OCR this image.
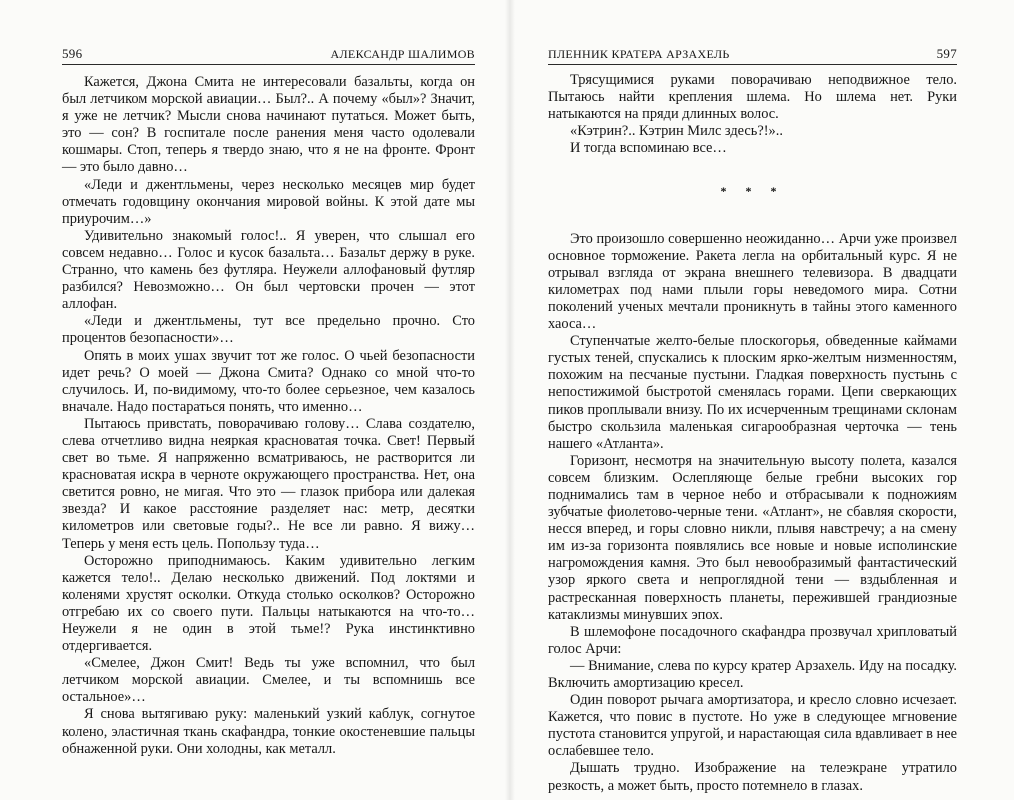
596	АЛЕКСАНДР ШАЛИМОВ

Кажется, Джона Смита не интересовали базальты, когда он был летчиком морской авиации… Был?.. А почему «был»? Значит, я уже не летчик? Мысли снова начинают путаться. Может быть, это — сон? В госпитале после ранения меня часто одолевали кошмары. Стоп, теперь я твердо знаю, что я не на фронте. Фронт — это было давно…

«Леди и джентльмены, через несколько месяцев мир будет отмечать годовщину окончания мировой войны. К этой дате мы приурочим…»

Удивительно знакомый голос!.. Я уверен, что слышал его совсем недавно… Голос и кусок базальта… Базальт держу в руке. Странно, что камень без футляра. Неужели аллофановый футляр разбился? Невозможно… Он был чертовски прочен — этот аллофан.

«Леди и джентльмены, тут все предельно прочно. Сто процентов безопасности»…

Опять в моих ушах звучит тот же голос. О чьей безопасности идет речь? О моей — Джона Смита? Однако со мной что-то случилось. И, по-видимому, что-то более серьезное, чем казалось вначале. Надо постараться понять, что именно…

Пытаюсь привстать, поворачиваю голову… Слава создателю, слева отчетливо видна неяркая красноватая точка. Свет! Первый свет во тьме. Я напряженно всматриваюсь, не растворится ли красноватая искра в черноте окружающего пространства. Нет, она светится ровно, не мигая. Что это — глазок прибора или далекая звезда? И какое расстояние разделяет нас: метр, десятки километров или световые годы?.. Не все ли равно. Я вижу… Теперь у меня есть цель. Попользу туда…

Осторожно приподнимаюсь. Каким удивительно легким кажется тело!.. Делаю несколько движений. Под локтями и коленями хрустят осколки. Откуда столько осколков? Осторожно отгребаю их со своего пути. Пальцы натыкаются на что-то… Неужели я не один в этой тьме!? Рука инстинктивно отдергивается.

«Смелее, Джон Смит! Ведь ты уже вспомнил, что был летчиком морской авиации. Смелее, и ты вспомнишь все остальное»…

Я снова вытягиваю руку: маленький узкий каблук, согнутое колено, эластичная ткань скафандра, тонкие окостеневшие пальцы обнаженной руки. Они холодны, как металл.

ПЛЕННИК КРАТЕРА АРЗАХЕЛЬ	597

Трясущимися руками поворачиваю неподвижное тело. Пытаюсь найти крепления шлема. Но шлема нет. Руки натыкаются на пряди длинных волос.

«Кэтрин?.. Кэтрин Милс здесь?!»..

И тогда вспоминаю все…

* * *

Это произошло совершенно неожиданно… Арчи уже произвел основное торможение. Ракета легла на орбитальный курс. Я не отрывал взгляда от экрана внешнего телевизора. В двадцати километрах под нами плыли горы неведомого мира. Сотни поколений ученых мечтали проникнуть в тайны этого каменного хаоса…

Ступенчатые желто-белые плоскогорья, обведенные каймами густых теней, спускались к плоским ярко-желтым низменностям, похожим на песчаные пустыни. Гладкая поверхность пустынь с непостижимой быстротой сменялась горами. Цепи сверкающих пиков проплывали внизу. По их исчерченным трещинами склонам быстро скользила маленькая сигарообразная черточка — тень нашего «Атланта».

Горизонт, несмотря на значительную высоту полета, казался совсем близким. Ослепляюще белые гребни высоких гор поднимались там в черное небо и отбрасывали к подножиям зубчатые фиолетово-черные тени. «Атлант», не сбавляя скорости, несся вперед, и горы словно никли, плывя навстречу; а на смену им из-за горизонта появлялись все новые и новые исполинские нагромождения камня. Это был невообразимый фантастический узор яркого света и непроглядной тени — вздыбленная и растресканная поверхность планеты, пережившей грандиозные катаклизмы минувших эпох.

В шлемофоне посадочного скафандра прозвучал хрипловатый голос Арчи:

— Внимание, слева по курсу кратер Арзахель. Иду на посадку. Включить амортизацию кресел.

Один поворот рычага амортизатора, и кресло словно исчезает. Кажется, что повис в пустоте. Но уже в следующее мгновение пустота становится упругой, и нарастающая сила вдавливает в нее ослабевшее тело.

Дышать трудно. Изображение на телеэкране утратило резкость, а может быть, просто потемнело в глазах.
